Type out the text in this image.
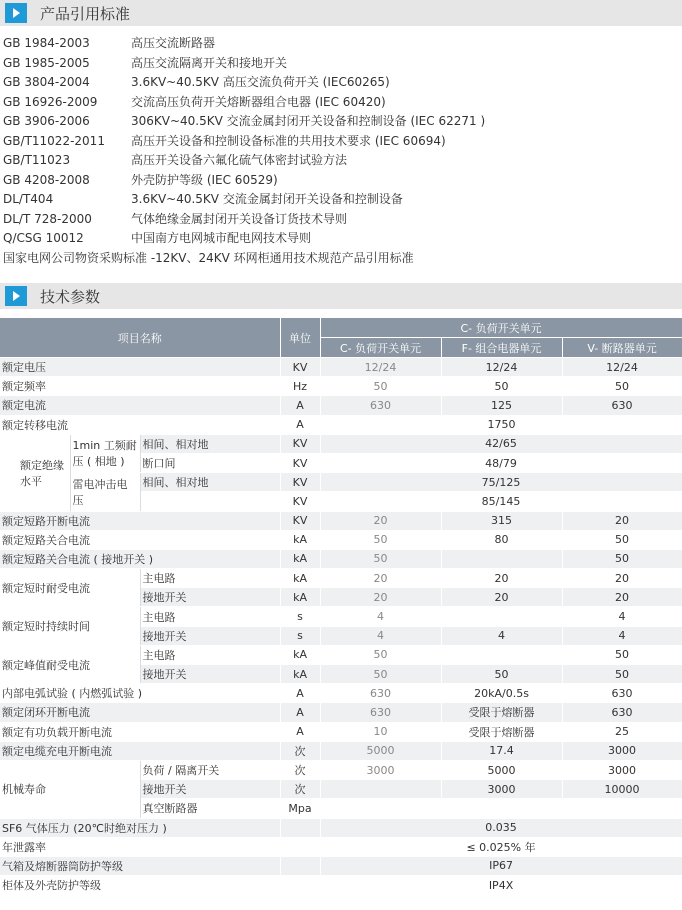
产品引用标准
GB 1984-2003	高压交流断路器
GB 1985-2005	高压交流隔离开关和接地开关
GB 3804-2004	3.6KV~40.5KV 高压交流负荷开关 (IEC60265)
GB 16926-2009	交流高压负荷开关熔断器组合电器 (IEC 60420)
GB 3906-2006	306KV~40.5KV 交流金属封闭开关设备和控制设备 (IEC 62271 )
GB/T11022-2011 高压开关设备和控制设备标准的共用技术要求 (IEC 60694)
GB/T11023	高压开关设备六氟化硫气体密封试验方法
GB 4208-2008	外壳防护等级 (IEC 60529)
DL/T404	3.6KV~40.5KV 交流金属封闭开关设备和控制设备
DL/T 728-2000	气体绝缘金属封闭开关设备订货技术导则
Q/CSG 10012	中国南方电网城市配电网技术导则
国家电网公司物资采购标准 -12KV、24KV 环网柜通用技术规范产品引用标准
技术参数
项目名称			单位	C- 负荷开关单元		
				C- 负荷开关单元	F- 组合电器单元	V- 断路器单元
额定电压			KV	12/24	12/24	12/24
额定频率			Hz	50	50	50
额定电流			A	630	125	630
额定转移电流			A		1750	
额定绝缘水平	1min 工频耐压 ( 相地 )	相间、相对地	KV	42/65		
		断口间	KV	48/79		
	雷电冲击电压	相间、相对地	KV	75/125		
			KV	85/145		
额定短路开断电流			KV	20	315	20
额定短路关合电流			kA	50	80	50
额定短路关合电流 ( 接地开关 )			kA	50		50
额定短时耐受电流		主电路	kA	20	20	20
		接地开关	kA	20	20	20
额定短时持续时间		主电路	s	4		4
		接地开关	s	4	4	4
额定峰值耐受电流		主电路	kA	50		50
		接地开关	kA	50	50	50
内部电弧试验 ( 内燃弧试验 )			A	630	20kA/0.5s	630
额定闭环开断电流			A	630	受限于熔断器	630
额定有功负载开断电流			A	10	受限于熔断器	25
额定电缆充电开断电流			次	5000	17.4	3000
机械寿命		负荷 / 隔离开关	次	3000	5000	3000
		接地开关	次		3000	10000
		真空断路器	Mpa			
SF6 气体压力 (20℃时绝对压力 )				0.035		
年泄露率				≤ 0.025% 年		
气箱及熔断器筒防护等级				IP67		
柜体及外壳防护等级				IP4X		
